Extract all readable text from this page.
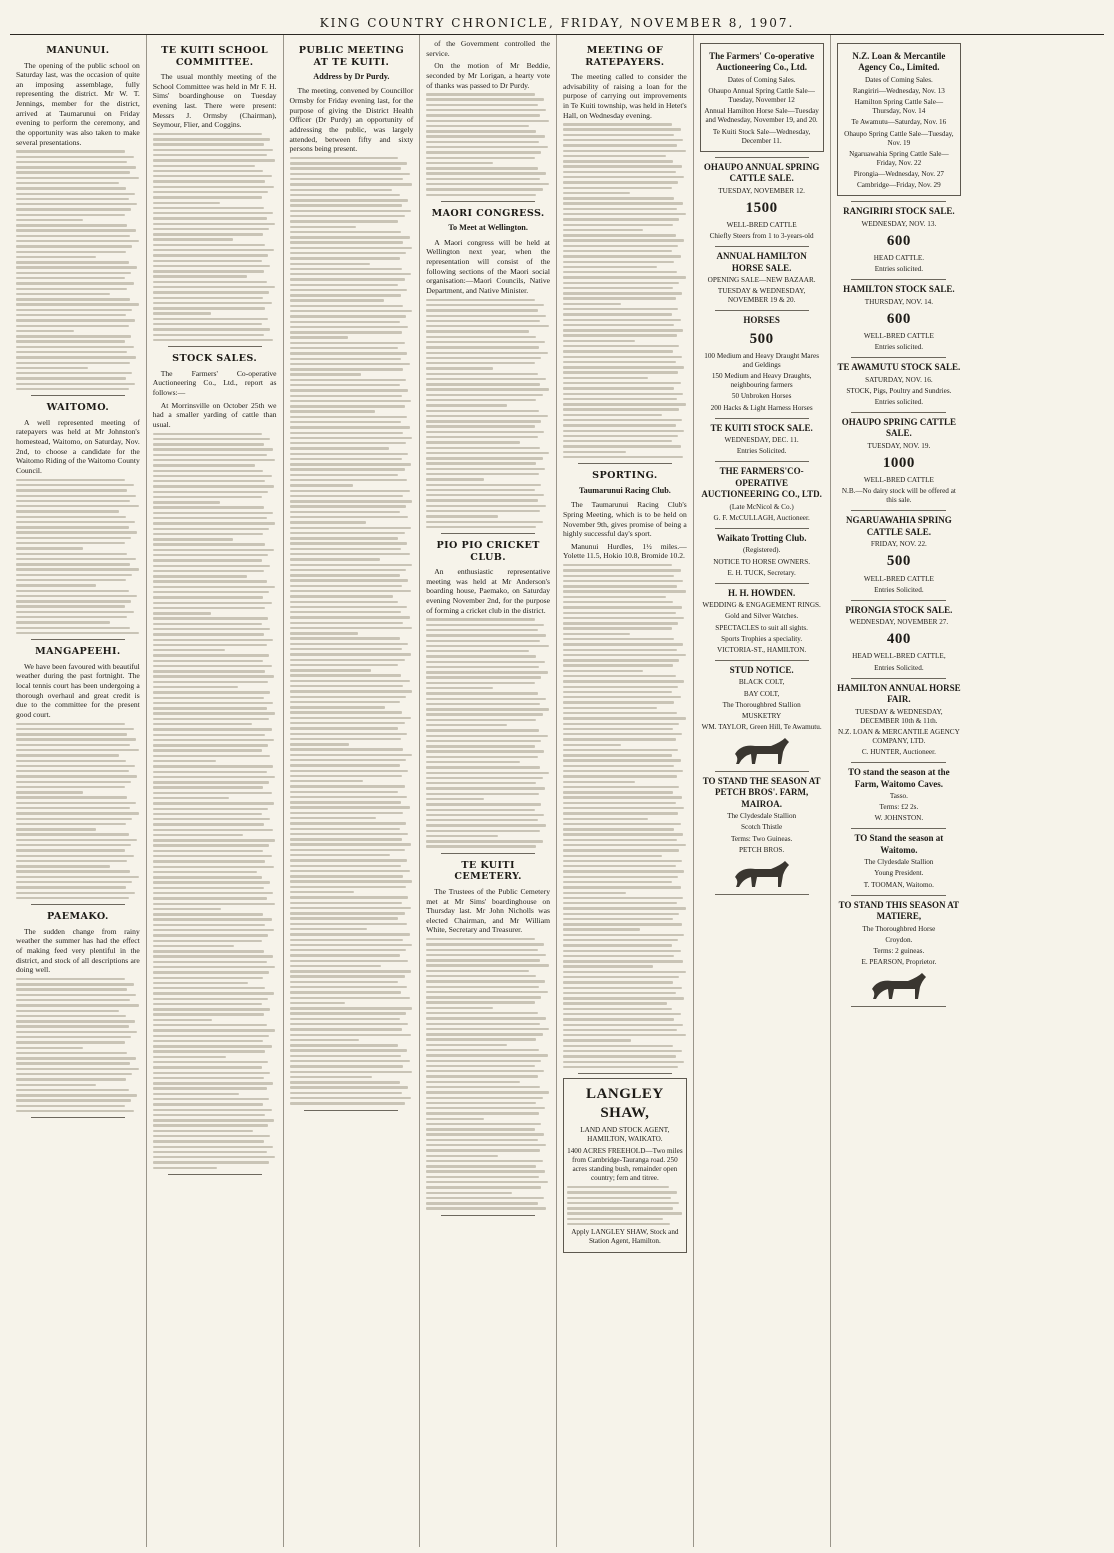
KING COUNTRY CHRONICLE, FRIDAY, NOVEMBER 8, 1907.
MANUNUI.

The opening of the public school on Saturday last, was the occasion of quite an imposing assemblage, fully representing the district. Mr W. T. Jennings, member for the district, arrived at Taumarunui on Friday evening to perform the ceremony, and the opportunity was also taken to make several presentations.

WAITOMO.

A well represented meeting of ratepayers was held at Mr Johnston's homestead, Waitomo, on Saturday, Nov. 2nd, to choose a candidate for the Waitomo Riding of the Waitomo County Council.

MANGAPEEHI.

We have been favoured with beautiful weather during the past fortnight. The local tennis court has been undergoing a thorough overhaul and great credit is due to the committee for the present good court.

PAEMAKO.

The sudden change from rainy weather the summer has had the effect of making feed very plentiful in the district, and stock of all descriptions are doing well.

TE KUITI SCHOOL COMMITTEE.

The usual monthly meeting of the School Committee was held in Mr F. H. Sims' boardinghouse on Tuesday evening last. There were present: Messrs J. Ormsby (Chairman), Seymour, Flier, and Coggins.

STOCK SALES.

The Farmers' Co-operative Auctioneering Co., Ltd., report as follows:—

At Morrinsville on October 25th we had a smaller yarding of cattle than usual.

PUBLIC MEETING AT TE KUITI.
Address by Dr Purdy.

The meeting, convened by Councillor Ormsby for Friday evening last, for the purpose of giving the District Health Officer (Dr Purdy) an opportunity of addressing the public, was largely attended, between fifty and sixty persons being present.

of the Government controlled the service.

On the motion of Mr Beddie, seconded by Mr Lorigan, a hearty vote of thanks was passed to Dr Purdy.

MAORI CONGRESS.
To Meet at Wellington.

A Maori congress will be held at Wellington next year, when the representation will consist of the following sections of the Maori social organisation:—Maori Councils, Native Department, and Native Minister.

PIO PIO CRICKET CLUB.

An enthusiastic representative meeting was held at Mr Anderson's boarding house, Paemako, on Saturday evening November 2nd, for the purpose of forming a cricket club in the district.

TE KUITI CEMETERY.

The Trustees of the Public Cemetery met at Mr Sims' boardinghouse on Thursday last. Mr John Nicholls was elected Chairman, and Mr William White, Secretary and Treasurer.

MEETING OF RATEPAYERS.

The meeting called to consider the advisability of raising a loan for the purpose of carrying out improvements in Te Kuiti township, was held in Hetet's Hall, on Wednesday evening.

SPORTING.
Taumarunui Racing Club.

The Taumarunui Racing Club's Spring Meeting, which is to be held on November 9th, gives promise of being a highly successful day's sport.

Manunui Hurdles, 1½ miles.—Yolette 11.5, Hokio 10.8, Bromide 10.2.

LANGLEY SHAW,
LAND AND STOCK AGENT, HAMILTON, WAIKATO.
1400 ACRES FREEHOLD—Two miles from Cambridge-Tauranga road. 250 acres standing bush, remainder open country; fern and titree.
Apply LANGLEY SHAW, Stock and Station Agent, Hamilton.
The Farmers' Co-operative Auctioneering Co., Ltd.
Dates of Coming Sales.
Ohaupo Annual Spring Cattle Sale—Tuesday, November 12
Annual Hamilton Horse Sale—Tuesday and Wednesday, November 19, and 20.
Te Kuiti Stock Sale—Wednesday, December 11.
OHAUPO ANNUAL SPRING CATTLE SALE.
TUESDAY, NOVEMBER 12.
1500
WELL-BRED CATTLE
Chiefly Steers from 1 to 3-years-old
ANNUAL HAMILTON HORSE SALE.
OPENING SALE—NEW BAZAAR.
TUESDAY & WEDNESDAY, NOVEMBER 19 & 20.
HORSES
500
100 Medium and Heavy Draught Mares and Geldings
150 Medium and Heavy Draughts, neighbouring farmers
50 Unbroken Horses
200 Hacks & Light Harness Horses
TE KUITI STOCK SALE.
WEDNESDAY, DEC. 11.
Entries Solicited.
THE FARMERS'CO-OPERATIVE AUCTIONEERING CO., LTD.
(Late McNicol & Co.)
G. F. McCULLAGH, Auctioneer.
Waikato Trotting Club.
(Registered).
NOTICE TO HORSE OWNERS.
E. H. TUCK, Secretary.
H. H. HOWDEN.
WEDDING & ENGAGEMENT RINGS.
Gold and Silver Watches.
SPECTACLES to suit all sights.
Sports Trophies a speciality.
VICTORIA-ST., HAMILTON.
STUD NOTICE.
BLACK COLT,
BAY COLT,
The Thoroughbred Stallion
MUSKETRY
WM. TAYLOR, Green Hill, Te Awamutu.
TO STAND THE SEASON AT PETCH BROS'. FARM, MAIROA.
The Clydesdale Stallion
Scotch Thistle
Terms: Two Guineas.
PETCH BROS.
N.Z. Loan & Mercantile Agency Co., Limited.
Dates of Coming Sales.
Rangiriri—Wednesday, Nov. 13
Hamilton Spring Cattle Sale—Thursday, Nov. 14
Te Awamutu—Saturday, Nov. 16
Ohaupo Spring Cattle Sale—Tuesday, Nov. 19
Ngaruawahia Spring Cattle Sale—Friday, Nov. 22
Pirongia—Wednesday, Nov. 27
Cambridge—Friday, Nov. 29
RANGIRIRI STOCK SALE.
WEDNESDAY, NOV. 13.
600
HEAD CATTLE.
Entries solicited.
HAMILTON STOCK SALE.
THURSDAY, NOV. 14.
600
WELL-BRED CATTLE
Entries solicited.
TE AWAMUTU STOCK SALE.
SATURDAY, NOV. 16.
STOCK, Pigs, Poultry and Sundries.
Entries solicited.
OHAUPO SPRING CATTLE SALE.
TUESDAY, NOV. 19.
1000
WELL-BRED CATTLE
N.B.—No dairy stock will be offered at this sale.
NGARUAWAHIA SPRING CATTLE SALE.
FRIDAY, NOV. 22.
500
WELL-BRED CATTLE
Entries Solicited.
PIRONGIA STOCK SALE.
WEDNESDAY, NOVEMBER 27.
400
HEAD WELL-BRED CATTLE,
Entries Solicited.
HAMILTON ANNUAL HORSE FAIR.
TUESDAY & WEDNESDAY, DECEMBER 10th & 11th.
N.Z. LOAN & MERCANTILE AGENCY COMPANY, LTD.
C. HUNTER, Auctioneer.
TO stand the season at the Farm, Waitomo Caves.
Tasso.
Terms: £2 2s.
W. JOHNSTON.
TO Stand the season at Waitomo.
The Clydesdale Stallion
Young President.
T. TOOMAN, Waitomo.
TO STAND THIS SEASON AT MATIERE,
The Thoroughbred Horse
Croydon.
Terms: 2 guineas.
E. PEARSON, Proprietor.
